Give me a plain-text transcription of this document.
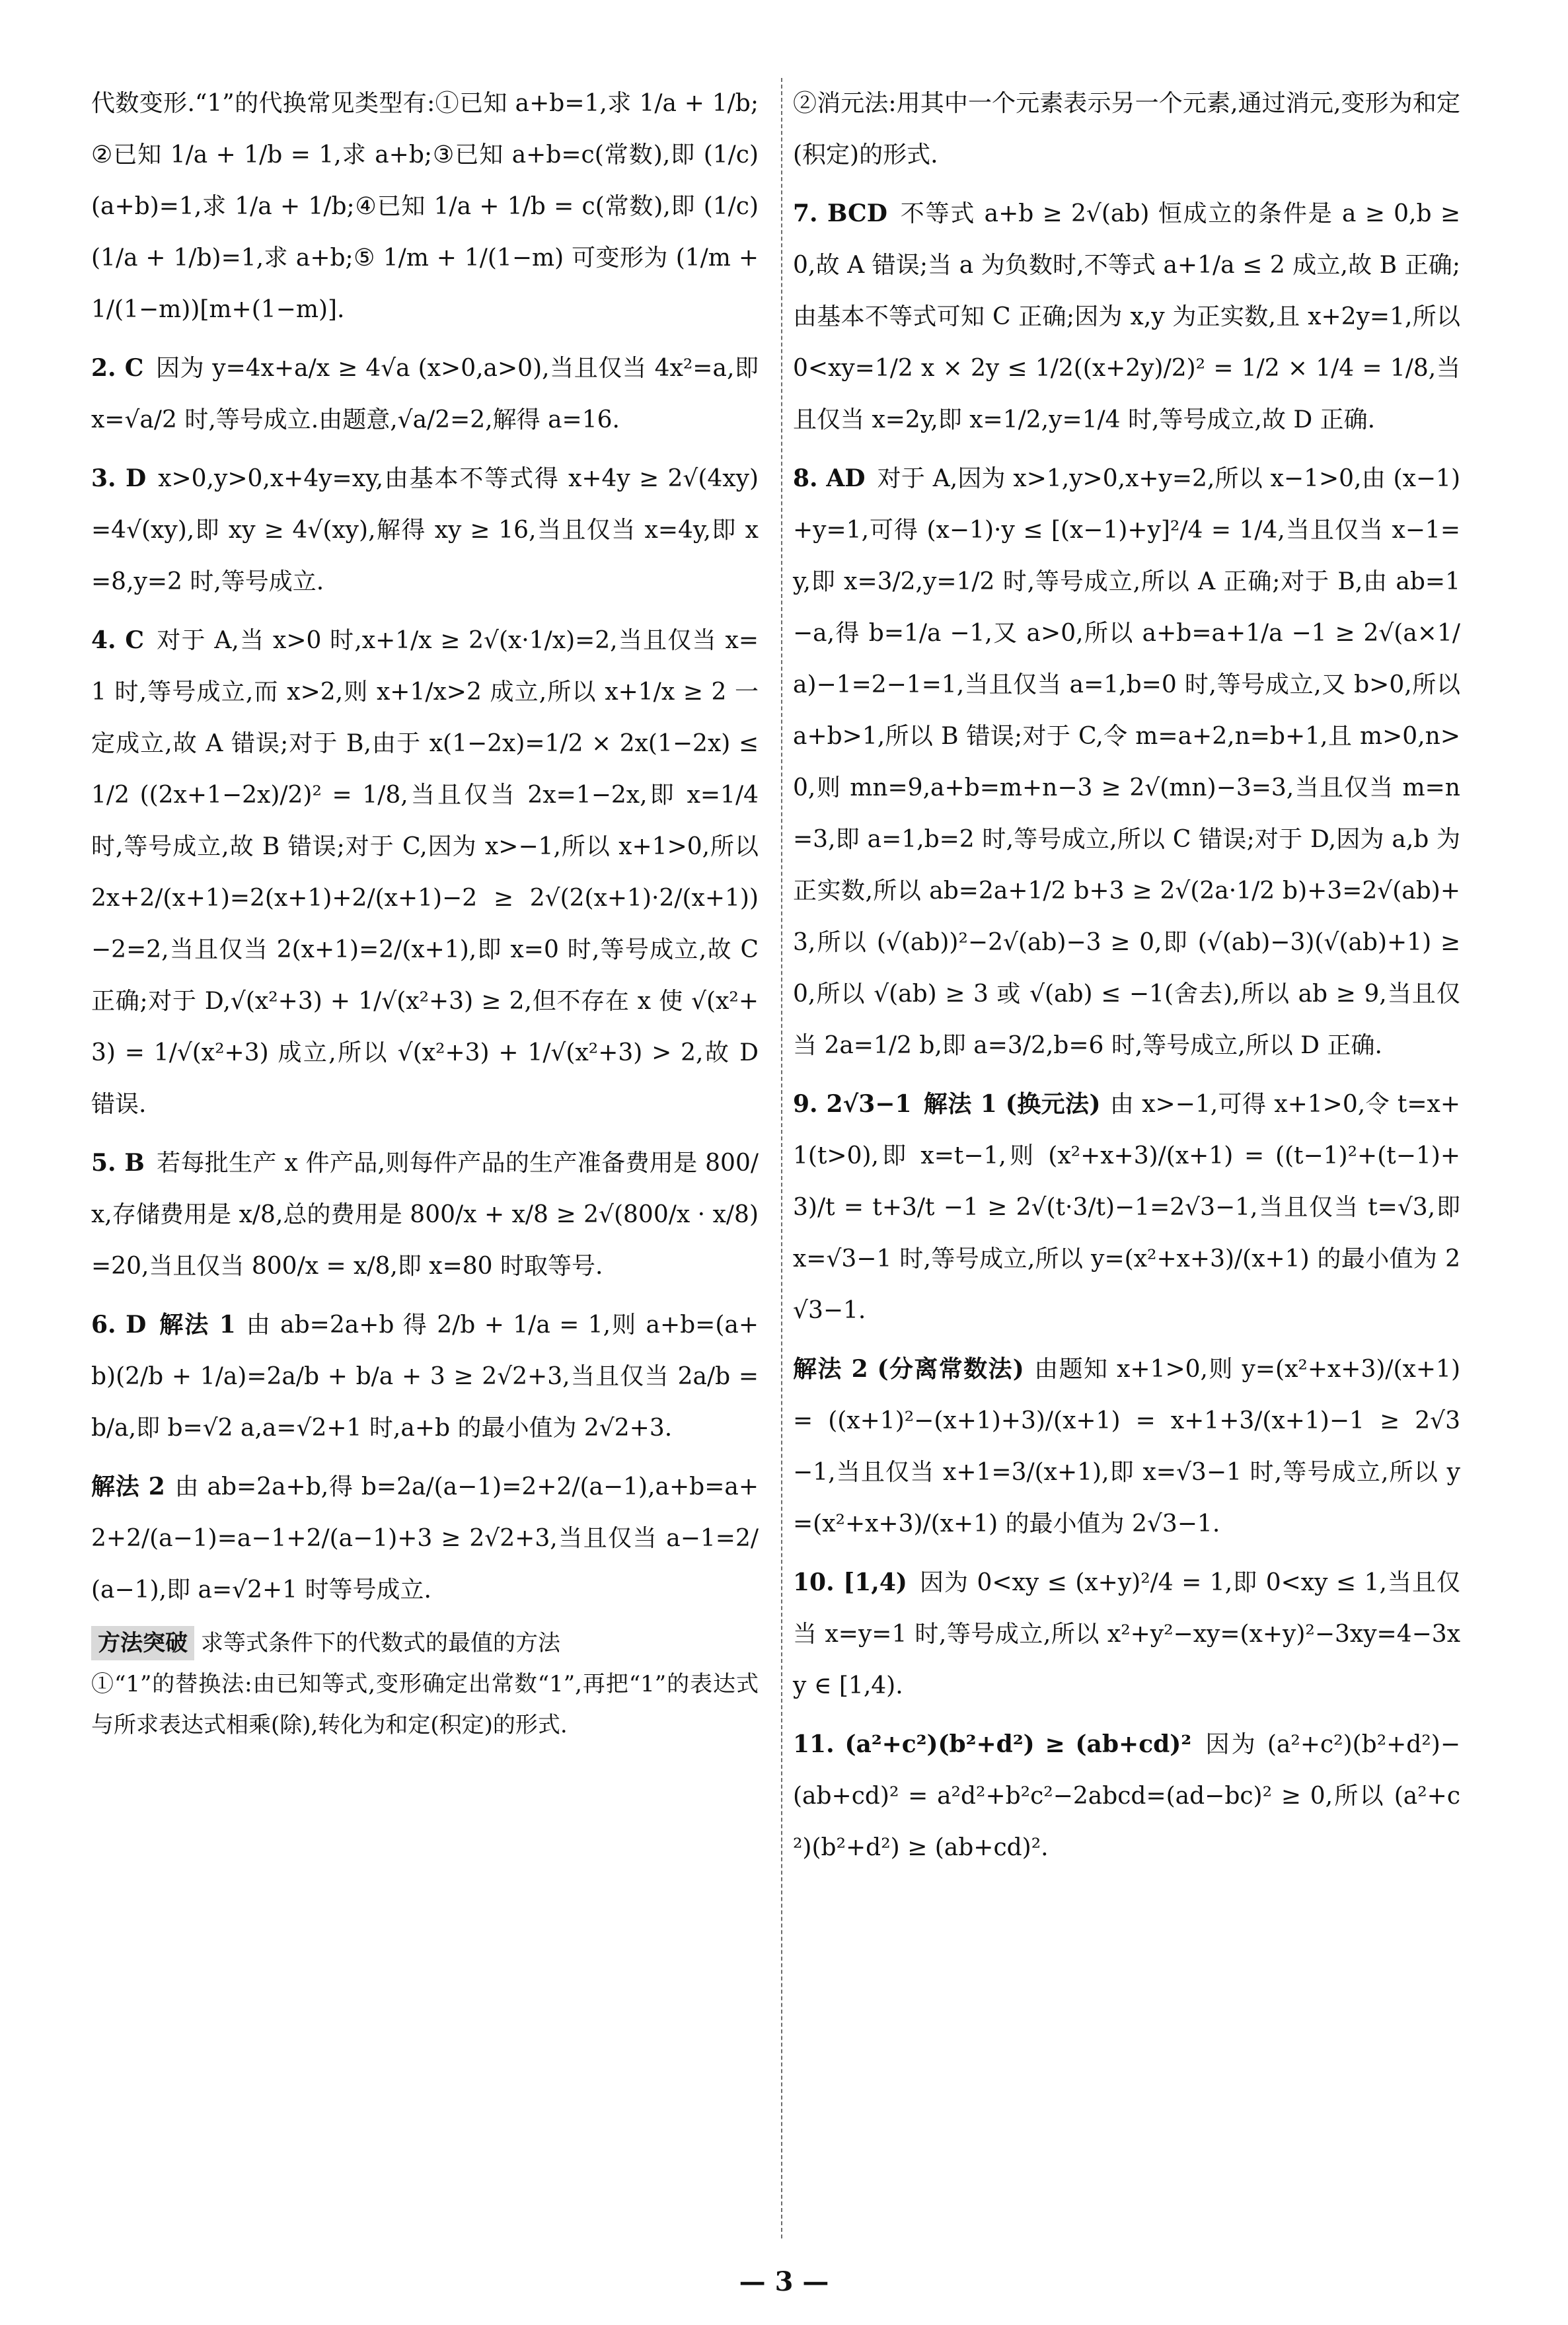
代数变形.“1”的代换常见类型有:①已知 a+b=1,求 1/a + 1/b;②已知 1/a + 1/b = 1,求 a+b;③已知 a+b=c(常数),即 (1/c)(a+b)=1,求 1/a + 1/b;④已知 1/a + 1/b = c(常数),即 (1/c)(1/a + 1/b)=1,求 a+b;⑤ 1/m + 1/(1−m) 可变形为 (1/m + 1/(1−m))[m+(1−m)].

2. C 因为 y=4x+a/x ≥ 4√a (x>0,a>0),当且仅当 4x²=a,即 x=√a/2 时,等号成立.由题意,√a/2=2,解得 a=16.

3. D x>0,y>0,x+4y=xy,由基本不等式得 x+4y ≥ 2√(4xy)=4√(xy),即 xy ≥ 4√(xy),解得 xy ≥ 16,当且仅当 x=4y,即 x=8,y=2 时,等号成立.

4. C 对于 A,当 x>0 时,x+1/x ≥ 2√(x·1/x)=2,当且仅当 x=1 时,等号成立,而 x>2,则 x+1/x>2 成立,所以 x+1/x ≥ 2 一定成立,故 A 错误;对于 B,由于 x(1−2x)=1/2 × 2x(1−2x) ≤ 1/2 ((2x+1−2x)/2)² = 1/8,当且仅当 2x=1−2x,即 x=1/4 时,等号成立,故 B 错误;对于 C,因为 x>−1,所以 x+1>0,所以 2x+2/(x+1)=2(x+1)+2/(x+1)−2 ≥ 2√(2(x+1)·2/(x+1))−2=2,当且仅当 2(x+1)=2/(x+1),即 x=0 时,等号成立,故 C 正确;对于 D,√(x²+3) + 1/√(x²+3) ≥ 2,但不存在 x 使 √(x²+3) = 1/√(x²+3) 成立,所以 √(x²+3) + 1/√(x²+3) > 2,故 D 错误.

5. B 若每批生产 x 件产品,则每件产品的生产准备费用是 800/x,存储费用是 x/8,总的费用是 800/x + x/8 ≥ 2√(800/x · x/8)=20,当且仅当 800/x = x/8,即 x=80 时取等号.

6. D 解法 1 由 ab=2a+b 得 2/b + 1/a = 1,则 a+b=(a+b)(2/b + 1/a)=2a/b + b/a + 3 ≥ 2√2+3,当且仅当 2a/b = b/a,即 b=√2 a,a=√2+1 时,a+b 的最小值为 2√2+3.

解法 2 由 ab=2a+b,得 b=2a/(a−1)=2+2/(a−1),a+b=a+2+2/(a−1)=a−1+2/(a−1)+3 ≥ 2√2+3,当且仅当 a−1=2/(a−1),即 a=√2+1 时等号成立.

方法突破 求等式条件下的代数式的最值的方法

①“1”的替换法:由已知等式,变形确定出常数“1”,再把“1”的表达式与所求表达式相乘(除),转化为和定(积定)的形式.

②消元法:用其中一个元素表示另一个元素,通过消元,变形为和定(积定)的形式.

7. BCD 不等式 a+b ≥ 2√(ab) 恒成立的条件是 a ≥ 0,b ≥ 0,故 A 错误;当 a 为负数时,不等式 a+1/a ≤ 2 成立,故 B 正确;由基本不等式可知 C 正确;因为 x,y 为正实数,且 x+2y=1,所以 0<xy=1/2 x × 2y ≤ 1/2((x+2y)/2)² = 1/2 × 1/4 = 1/8,当且仅当 x=2y,即 x=1/2,y=1/4 时,等号成立,故 D 正确.

8. AD 对于 A,因为 x>1,y>0,x+y=2,所以 x−1>0,由 (x−1)+y=1,可得 (x−1)·y ≤ [(x−1)+y]²/4 = 1/4,当且仅当 x−1=y,即 x=3/2,y=1/2 时,等号成立,所以 A 正确;对于 B,由 ab=1−a,得 b=1/a −1,又 a>0,所以 a+b=a+1/a −1 ≥ 2√(a×1/a)−1=2−1=1,当且仅当 a=1,b=0 时,等号成立,又 b>0,所以 a+b>1,所以 B 错误;对于 C,令 m=a+2,n=b+1,且 m>0,n>0,则 mn=9,a+b=m+n−3 ≥ 2√(mn)−3=3,当且仅当 m=n=3,即 a=1,b=2 时,等号成立,所以 C 错误;对于 D,因为 a,b 为正实数,所以 ab=2a+1/2 b+3 ≥ 2√(2a·1/2 b)+3=2√(ab)+3,所以 (√(ab))²−2√(ab)−3 ≥ 0,即 (√(ab)−3)(√(ab)+1) ≥ 0,所以 √(ab) ≥ 3 或 √(ab) ≤ −1(舍去),所以 ab ≥ 9,当且仅当 2a=1/2 b,即 a=3/2,b=6 时,等号成立,所以 D 正确.

9. 2√3−1 解法 1 (换元法) 由 x>−1,可得 x+1>0,令 t=x+1(t>0),即 x=t−1,则 (x²+x+3)/(x+1) = ((t−1)²+(t−1)+3)/t = t+3/t −1 ≥ 2√(t·3/t)−1=2√3−1,当且仅当 t=√3,即 x=√3−1 时,等号成立,所以 y=(x²+x+3)/(x+1) 的最小值为 2√3−1.

解法 2 (分离常数法) 由题知 x+1>0,则 y=(x²+x+3)/(x+1) = ((x+1)²−(x+1)+3)/(x+1) = x+1+3/(x+1)−1 ≥ 2√3−1,当且仅当 x+1=3/(x+1),即 x=√3−1 时,等号成立,所以 y=(x²+x+3)/(x+1) 的最小值为 2√3−1.

10. [1,4) 因为 0<xy ≤ (x+y)²/4 = 1,即 0<xy ≤ 1,当且仅当 x=y=1 时,等号成立,所以 x²+y²−xy=(x+y)²−3xy=4−3xy ∈ [1,4).

11. (a²+c²)(b²+d²) ≥ (ab+cd)² 因为 (a²+c²)(b²+d²)−(ab+cd)² = a²d²+b²c²−2abcd=(ad−bc)² ≥ 0,所以 (a²+c²)(b²+d²) ≥ (ab+cd)².

— 3 —
